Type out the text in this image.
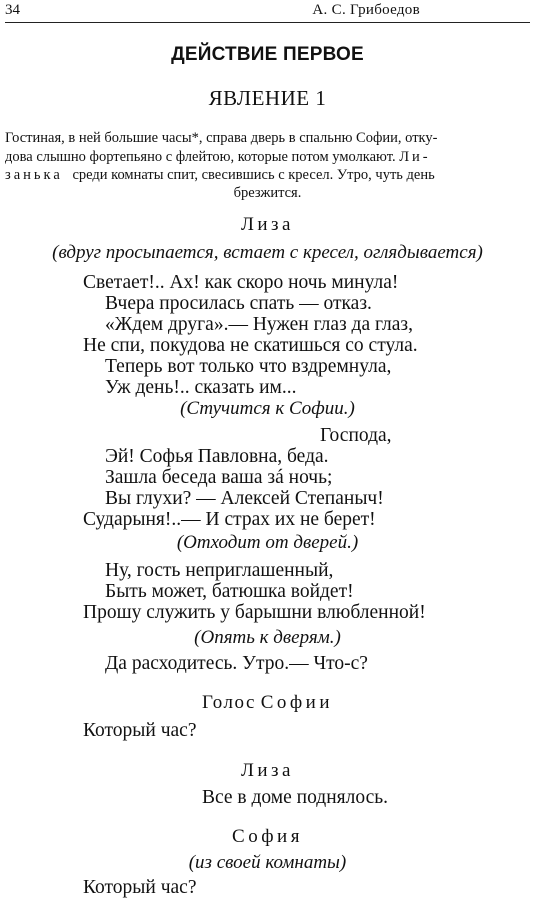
34	А. С. Грибоедов
ДЕЙСТВИЕ ПЕРВОЕ
ЯВЛЕНИЕ 1
Гостиная, в ней большие часы*, справа дверь в спальню Софии, отку-
дова слышно фортепьяно с флейтою, которые потом умолкают. Ли-
занька среди комнаты спит, свесившись с кресел. Утро, чуть день
брезжится.
Лиза
(вдруг просыпается, встает с кресел, оглядывается)
Светает!.. Ах! как скоро ночь минула!
Вчера просилась спать — отказ.
«Ждем друга».— Нужен глаз да глаз,
Не спи, покудова не скатишься со стула.
Теперь вот только что вздремнула,
Уж день!.. сказать им...
(Стучится к Софии.)
Господа,
Эй! Софья Павловна, беда.
Зашла беседа ваша зá ночь;
Вы глухи? — Алексей Степаныч!
Сударыня!..— И страх их не берет!
(Отходит от дверей.)
Ну, гость неприглашенный,
Быть может, батюшка войдет!
Прошу служить у барышни влюбленной!
(Опять к дверям.)
Да расходитесь. Утро.— Что-с?
Голос Софии
Который час?
Лиза
Все в доме поднялось.
София
(из своей комнаты)
Который час?
